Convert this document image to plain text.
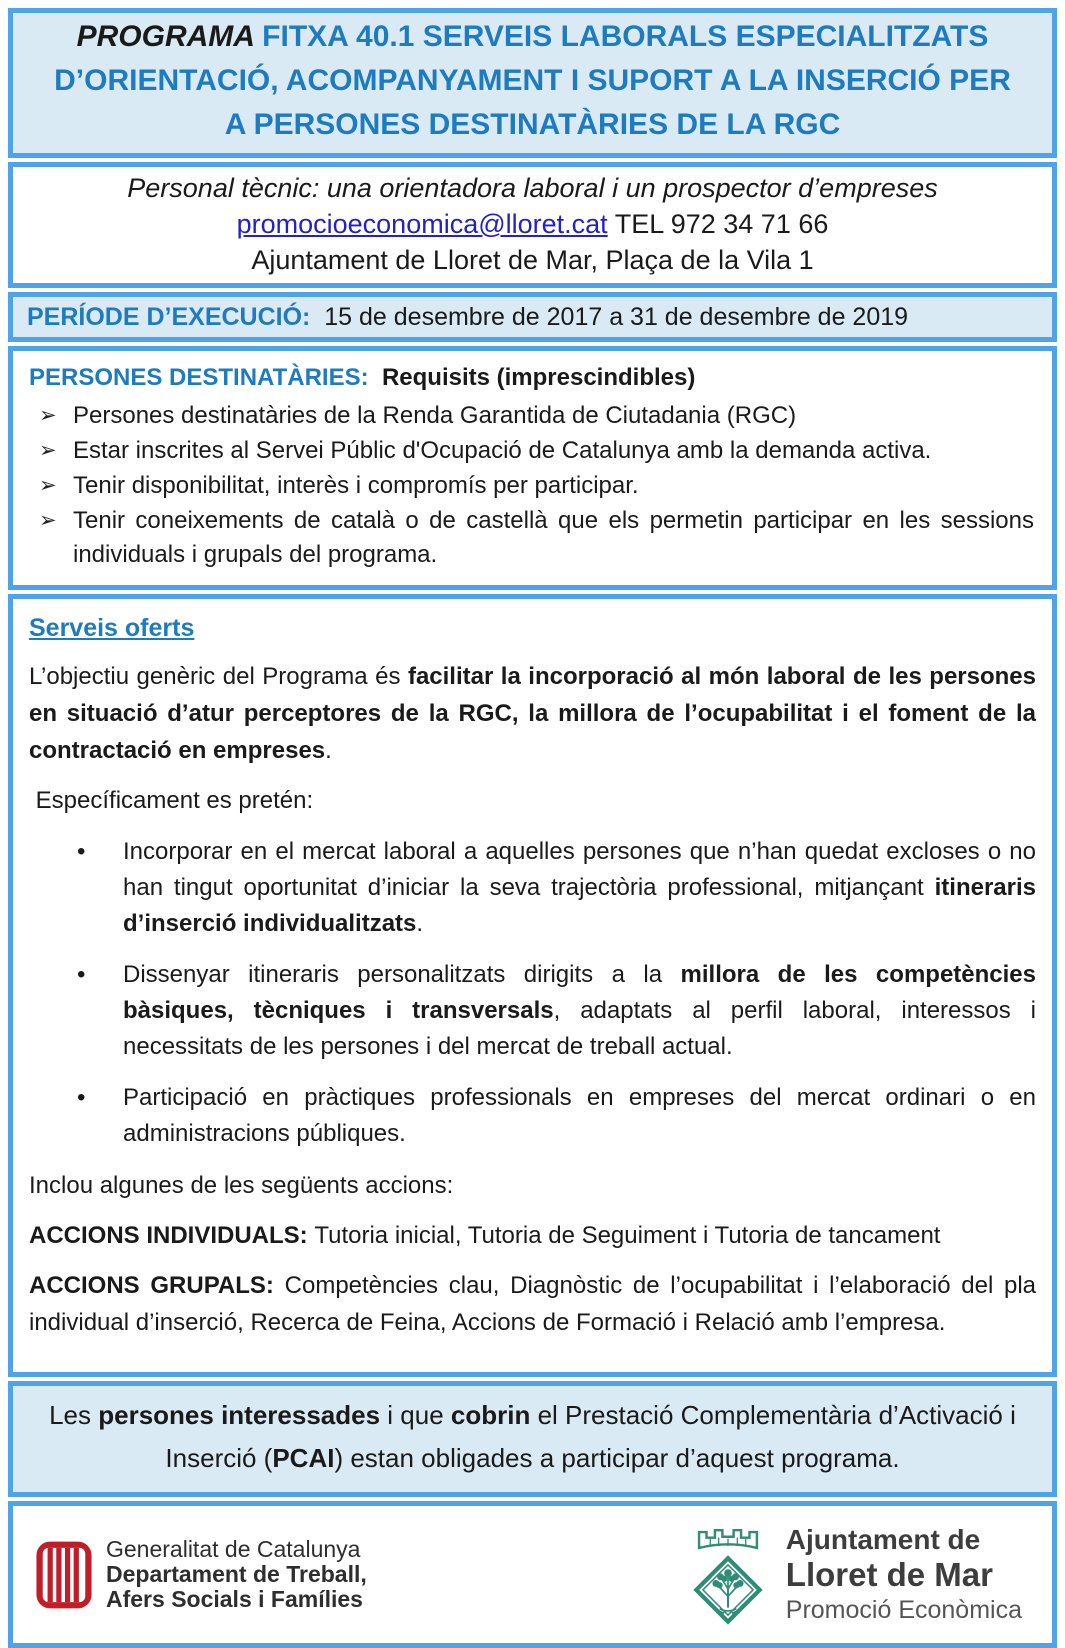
PROGRAMA FITXA 40.1 SERVEIS LABORALS ESPECIALITZATS D’ORIENTACIÓ, ACOMPANYAMENT I SUPORT A LA INSERCIÓ PER A PERSONES DESTINATÀRIES DE LA RGC
Personal tècnic: una orientadora laboral i un prospector d’empreses
promocioeconomica@lloret.cat TEL 972 34 71 66
Ajuntament de Lloret de Mar, Plaça de la Vila 1
PERÍODE D’EXECUCIÓ:  15 de desembre de 2017 a 31 de desembre de 2019
PERSONES DESTINATÀRIES:  Requisits (imprescindibles)
➢ Persones destinatàries de la Renda Garantida de Ciutadania (RGC)
➢ Estar inscrites al Servei Públic d'Ocupació de Catalunya amb la demanda activa.
➢ Tenir disponibilitat, interès i compromís per participar.
➢ Tenir coneixements de català o de castellà que els permetin participar en les sessions individuals i grupals del programa.
Serveis oferts
L’objectiu genèric del Programa és facilitar la incorporació al món laboral de les persones en situació d’atur perceptores de la RGC, la millora de l’ocupabilitat i el foment de la contractació en empreses.
Específicament es pretén:
•	Incorporar en el mercat laboral a aquelles persones que n’han quedat excloses o no han tingut oportunitat d’iniciar la seva trajectòria professional, mitjançant itineraris d’inserció individualitzats.
•	Dissenyar itineraris personalitzats dirigits a la millora de les competències bàsiques, tècniques i transversals, adaptats al perfil laboral, interessos i necessitats de les persones i del mercat de treball actual.
•	Participació en pràctiques professionals en empreses del mercat ordinari o en administracions públiques.
Inclou algunes de les següents accions:
ACCIONS INDIVIDUALS: Tutoria inicial, Tutoria de Seguiment i Tutoria de tancament
ACCIONS GRUPALS: Competències clau, Diagnòstic de l’ocupabilitat i l’elaboració del pla individual d’inserció, Recerca de Feina, Accions de Formació i Relació amb l’empresa.
Les persones interessades i que cobrin el Prestació Complementària d’Activació i Inserció (PCAI) estan obligades a participar d’aquest programa.
Generalitat de Catalunya
Departament de Treball,
Afers Socials i Famílies
Ajuntament de
Lloret de Mar
Promoció Econòmica
